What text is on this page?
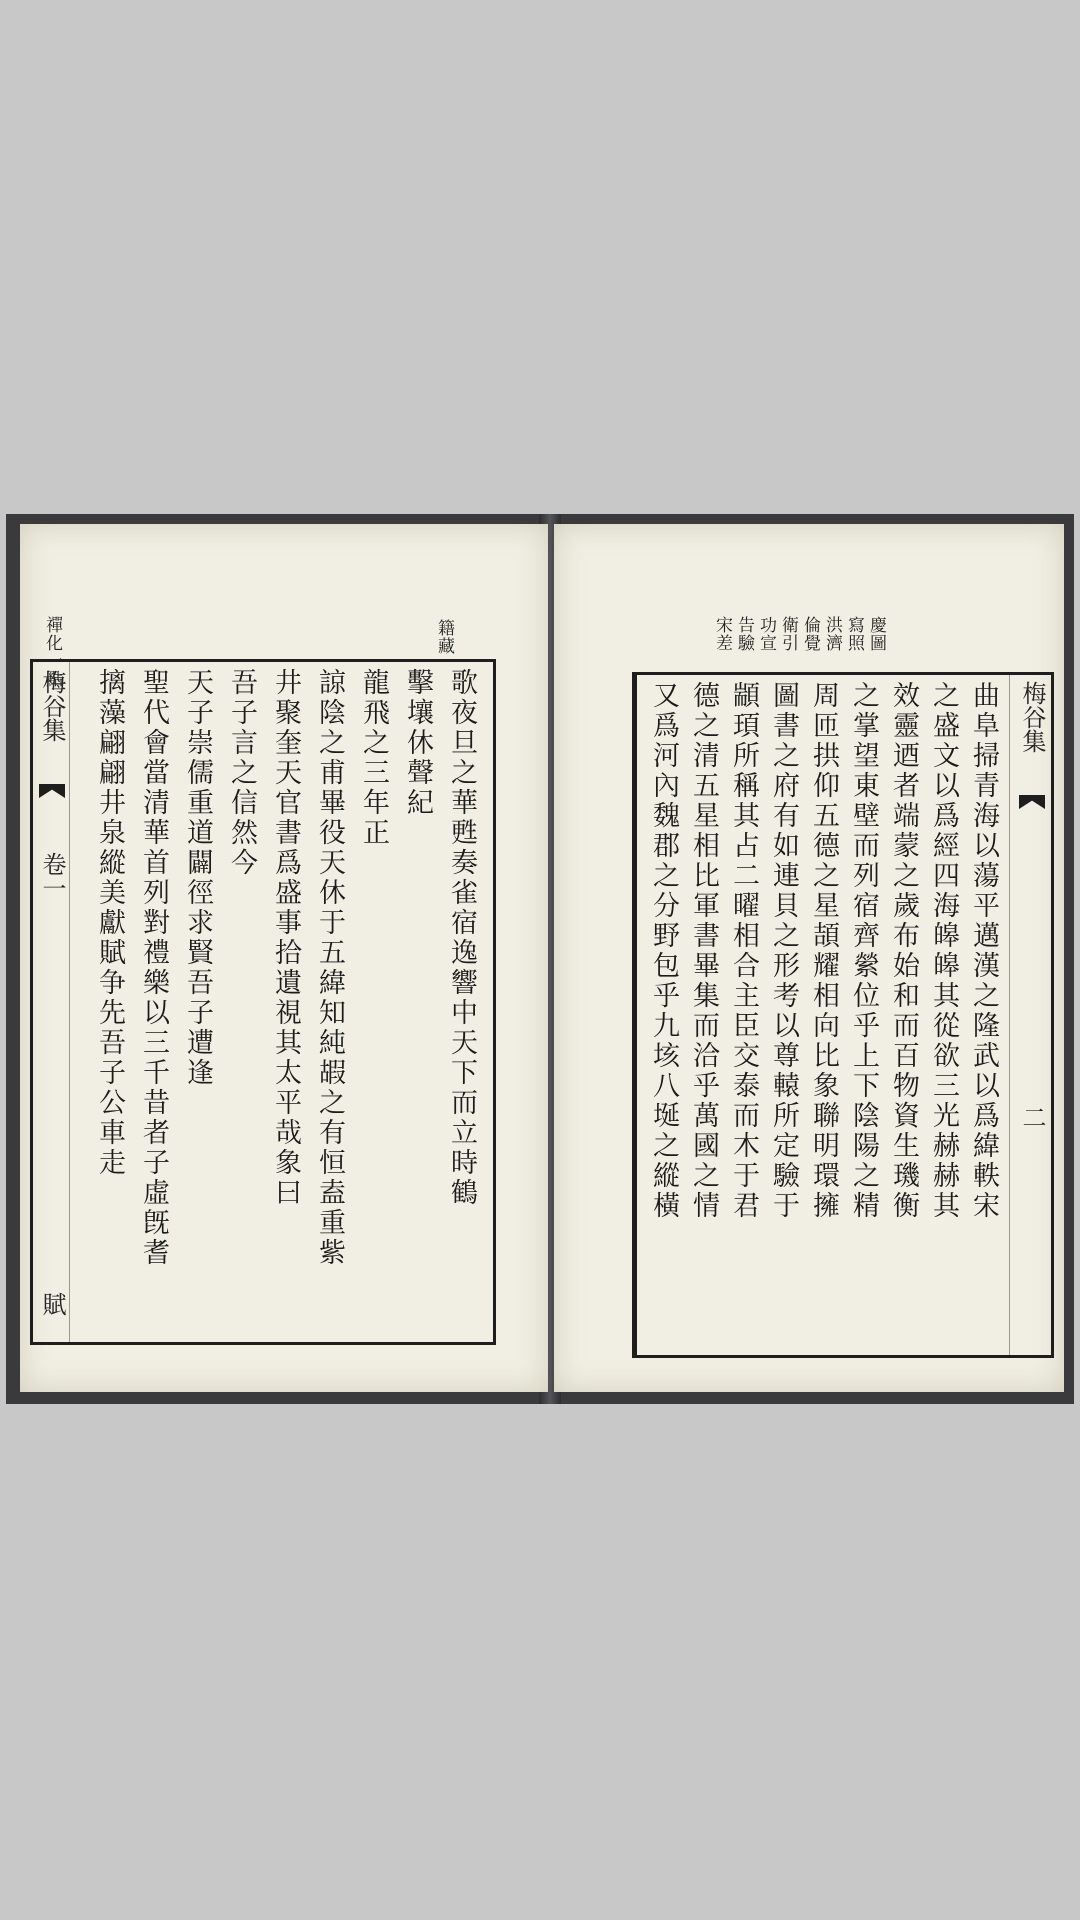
禪化一點	籍藏
梅谷集
卷一
賦
歌夜旦之華甦奏雀宿逸響中天下而立時鶴
擊壤休聲紀
龍飛之三年正
諒陰之甫畢役天休于五緯知純嘏之有恒盍重紫
井聚奎天官書爲盛事拾遺視其太平哉象曰
吾子言之信然今
天子崇儒重道闢徑求賢吾子遭逢
聖代會當清華首列對禮樂以三千昔者子虛旣耆
摛藻翩翩井泉縱美獻賦争先吾子公車走
慶圖
寫照
洪濟
倫覺
衛引
功宣
告驗
宋差
曲阜掃青海以蕩平邁漢之隆武以爲緯軼宋
之盛文以爲經四海皞皞其從欲三光赫赫其
效靈迺者端蒙之歲布始和而百物資生璣衡
之掌望東壁而列宿齊縈位乎上下陰陽之精
周匝拱仰五德之星頡耀相向比象聯明環擁
圖書之府有如連貝之形考以尊轅所定驗于
顓頊所稱其占二曜相合主臣交泰而木于君
德之清五星相比軍書畢集而洽乎萬國之情
又爲河內魏郡之分野包乎九垓八埏之縱橫	梅谷集
二
